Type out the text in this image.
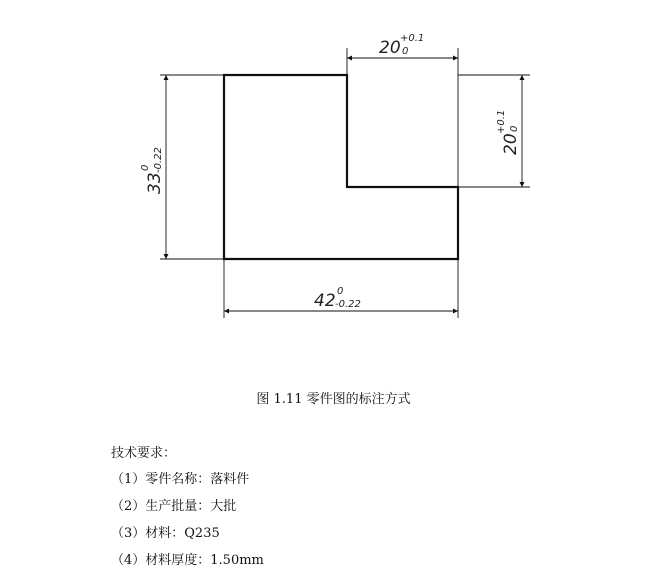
20 +0.1
0
20
+0.1 0
33
0 -0.22
42 0
-0.22
图 1.11 零件图的标注方式
技术要求：
（1）零件名称：落料件
（2）生产批量：大批
（3）材料：Q235
（4）材料厚度：1.50mm
